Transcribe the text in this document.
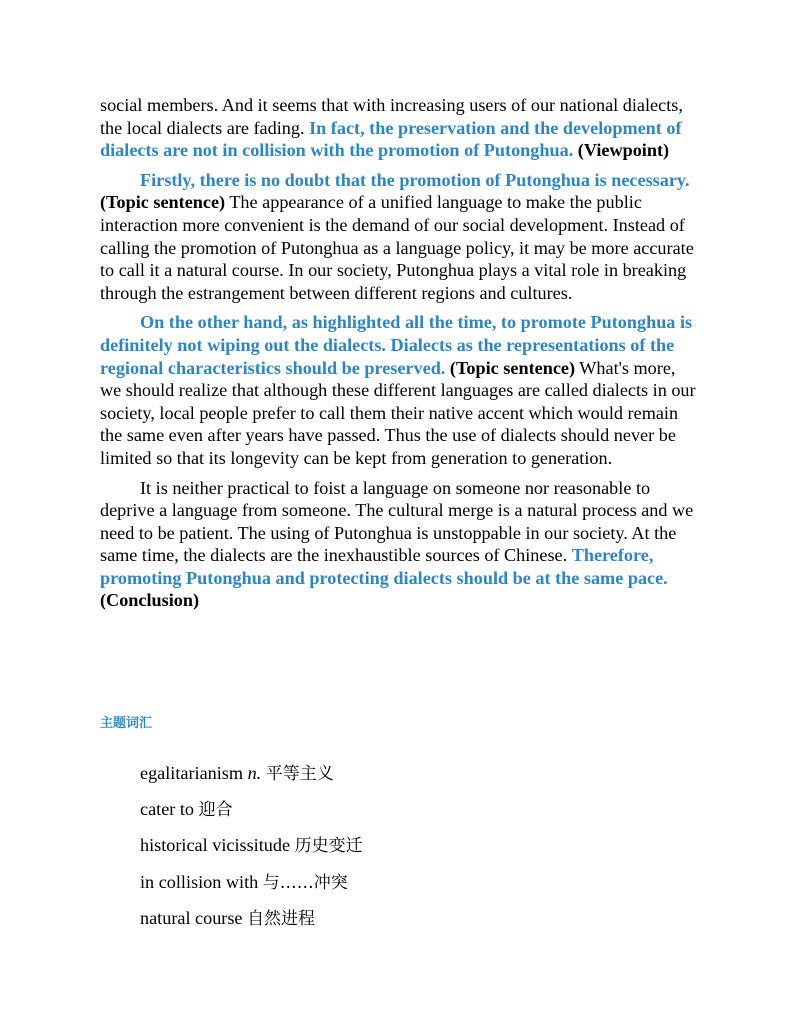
social members. And it seems that with increasing users of our national dialects, the local dialects are fading. In fact, the preservation and the development of dialects are not in collision with the promotion of Putonghua. (Viewpoint)

Firstly, there is no doubt that the promotion of Putonghua is necessary. (Topic sentence) The appearance of a unified language to make the public interaction more convenient is the demand of our social development. Instead of calling the promotion of Putonghua as a language policy, it may be more accurate to call it a natural course. In our society, Putonghua plays a vital role in breaking through the estrangement between different regions and cultures.

On the other hand, as highlighted all the time, to promote Putonghua is definitely not wiping out the dialects. Dialects as the representations of the regional characteristics should be preserved. (Topic sentence) What's more, we should realize that although these different languages are called dialects in our society, local people prefer to call them their native accent which would remain the same even after years have passed. Thus the use of dialects should never be limited so that its longevity can be kept from generation to generation.

It is neither practical to foist a language on someone nor reasonable to deprive a language from someone. The cultural merge is a natural process and we need to be patient. The using of Putonghua is unstoppable in our society. At the same time, the dialects are the inexhaustible sources of Chinese. Therefore, promoting Putonghua and protecting dialects should be at the same pace. (Conclusion)

主题词汇
egalitarianism n. 平等主义
cater to 迎合
historical vicissitude 历史变迁
in collision with 与……冲突
natural course 自然进程
